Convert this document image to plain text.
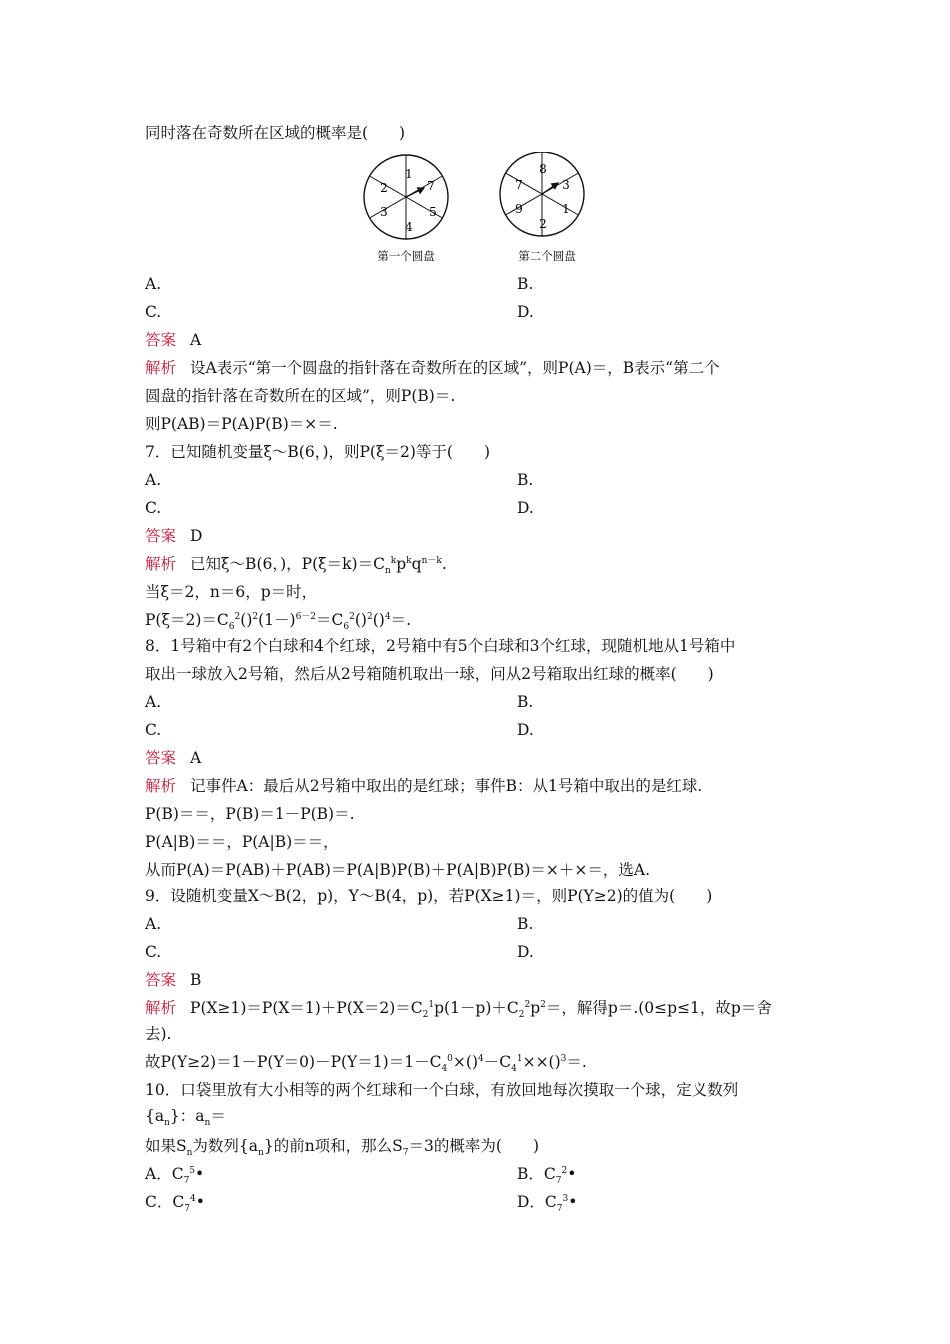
同时落在奇数所在区域的概率是(　　)
1
7
5
4
3
2
第一个圆盘
8
3
1
2
9
7
第二个圆盘
A.	B.
C.	D.
答案 A
解析 设A表示“第一个圆盘的指针落在奇数所在的区域”，则P(A)＝，B表示“第二个
圆盘的指针落在奇数所在的区域”，则P(B)＝.
则P(AB)＝P(A)P(B)＝×＝.
7．已知随机变量ξ～B(6，)，则P(ξ＝2)等于(　　)
A.	B.
C.	D.
答案 D
解析 已知ξ～B(6，)，$P(\xi=k)=C_n^kp^kq^{n-k}$.
当ξ＝2，n＝6，p＝时，
$P(\xi=2)=C_6^2()^2(1-)^{6-2}=C_6^2()^2()^4=$.
8．1号箱中有2个白球和4个红球，2号箱中有5个白球和3个红球，现随机地从1号箱中
取出一球放入2号箱，然后从2号箱随机取出一球，问从2号箱取出红球的概率(　　)
A.	B.
C.	D.
答案 A
解析 记事件A：最后从2号箱中取出的是红球；事件B：从1号箱中取出的是红球.
P(B)＝＝，P(B)＝1－P(B)＝.
P(A|B)＝＝，P(A|B)＝＝，
从而P(A)＝P(AB)＋P(AB)＝P(A|B)P(B)＋P(A|B)P(B)＝×＋×＝，选A.
9．设随机变量X～B(2，p)，Y～B(4，p)，若P(X≥1)＝，则P(Y≥2)的值为(　　)
A.	B.
C.	D.
答案 B
解析 $P(X\ge 1)=P(X=1)+P(X=2)=C_2^1p(1-p)+C_2^2p^2=$，解得p＝.(0≤p≤1，故p＝舍
去).
故$P(Y\ge 2)=1-P(Y=0)-P(Y=1)=1-C_4^0\times()^4-C_4^1\times\times()^3=$.
10．口袋里放有大小相等的两个红球和一个白球，有放回地每次摸取一个球，定义数列
$\{a_n\}$：$a_n=$
如果$S_n$为数列$\{a_n\}$的前n项和，那么$S_7=3$的概率为(　　)
A．$C_7^5•$	B．$C_7^2•$
C．$C_7^4•$	D．$C_7^3•$
